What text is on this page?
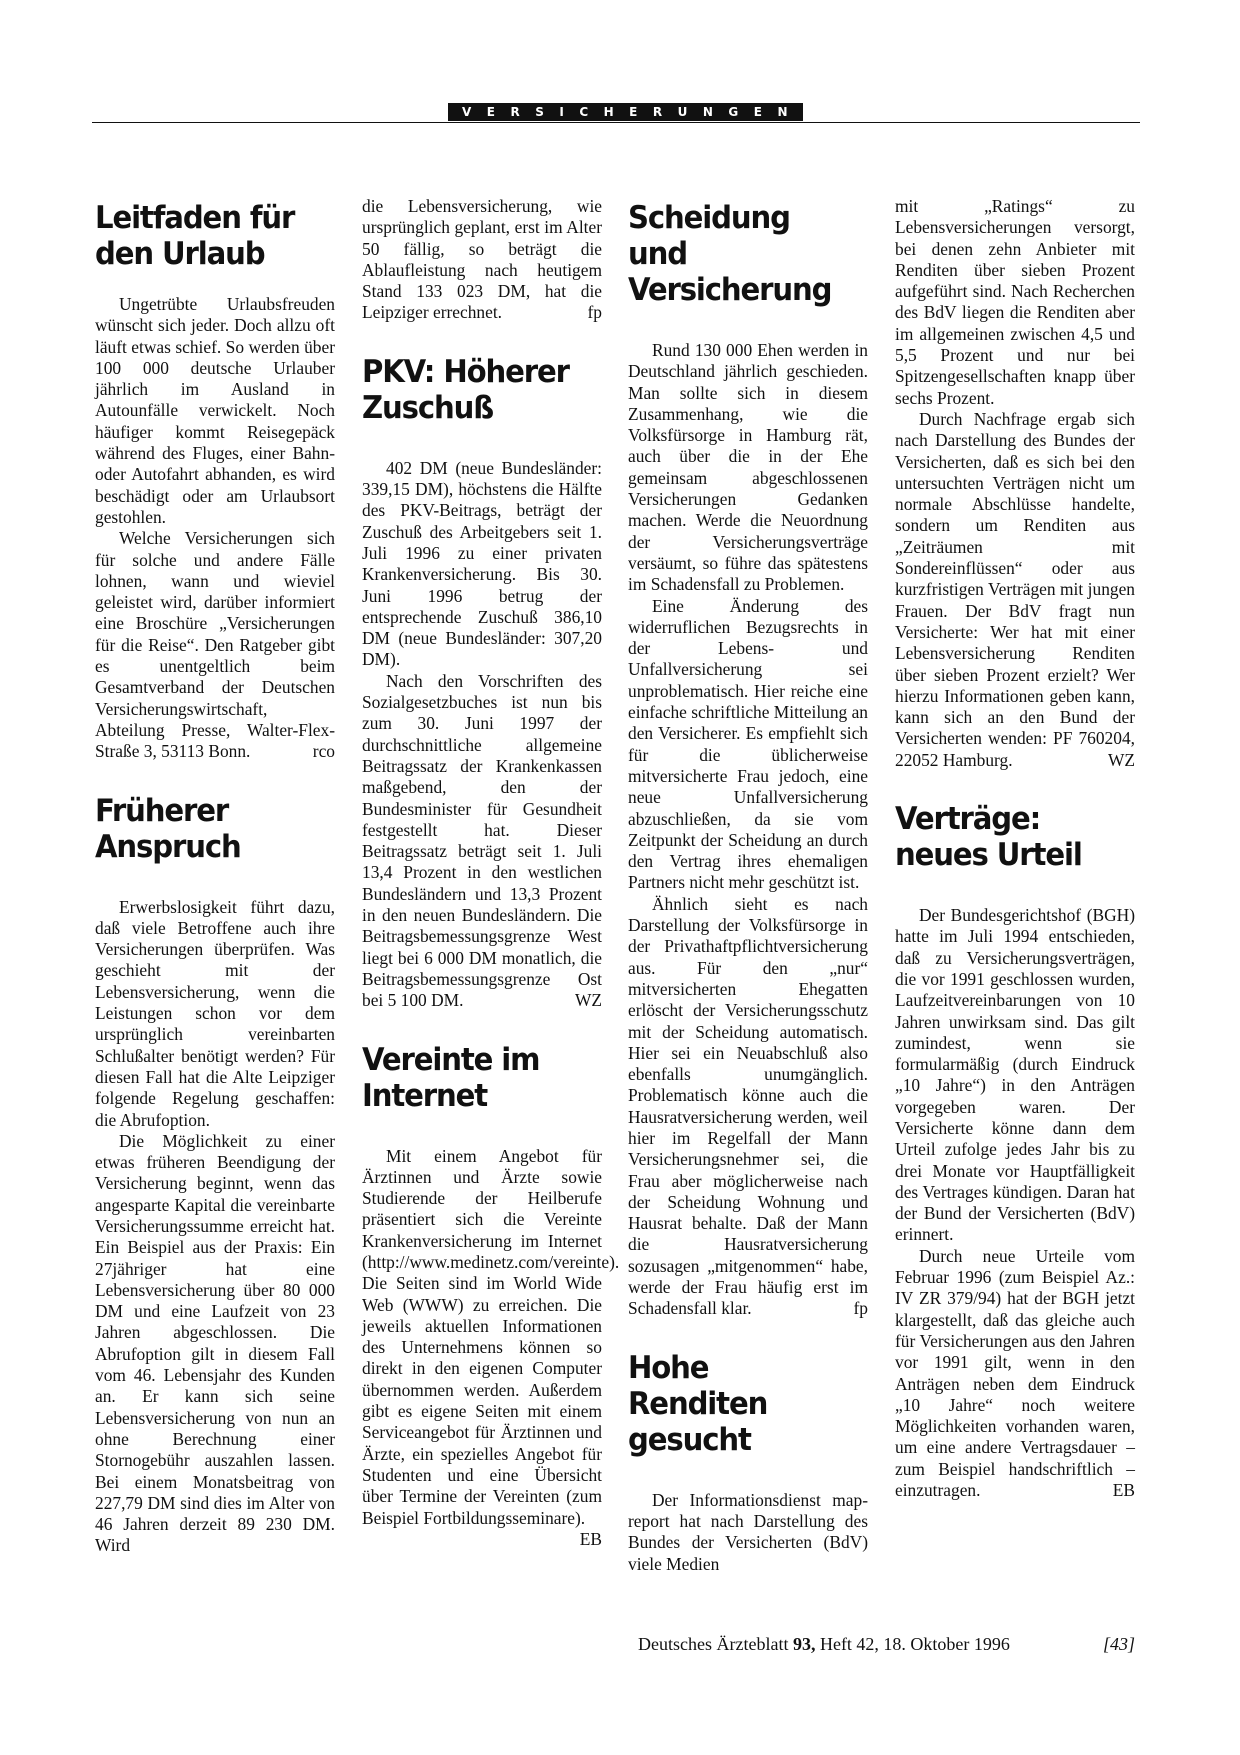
VERSICHERUNGEN
Leitfaden für den Urlaub

Ungetrübte Urlaubsfreuden wünscht sich jeder. Doch allzu oft läuft etwas schief. So werden über 100 000 deutsche Urlauber jährlich im Ausland in Autounfälle verwickelt. Noch häufiger kommt Reisegepäck während des Fluges, einer Bahn- oder Autofahrt abhanden, es wird beschädigt oder am Urlaubsort gestohlen.

Welche Versicherungen sich für solche und andere Fälle lohnen, wann und wieviel geleistet wird, darüber informiert eine Broschüre „Versicherungen für die Reise“. Den Ratgeber gibt es unentgeltlich beim Gesamtverband der Deutschen Versicherungswirtschaft, Abteilung Presse, Walter-Flex-Straße 3, 53113 Bonn.	rco

Früherer Anspruch

Erwerbslosigkeit führt dazu, daß viele Betroffene auch ihre Versicherungen überprüfen. Was geschieht mit der Lebensversicherung, wenn die Leistungen schon vor dem ursprünglich vereinbarten Schlußalter benötigt werden? Für diesen Fall hat die Alte Leipziger folgende Regelung geschaffen: die Abrufoption.

Die Möglichkeit zu einer etwas früheren Beendigung der Versicherung beginnt, wenn das angesparte Kapital die vereinbarte Versicherungssumme erreicht hat. Ein Beispiel aus der Praxis: Ein 27jähriger hat eine Lebensversicherung über 80 000 DM und eine Laufzeit von 23 Jahren abgeschlossen. Die Abrufoption gilt in diesem Fall vom 46. Lebensjahr des Kunden an. Er kann sich seine Lebensversicherung von nun an ohne Berechnung einer Stornogebühr auszahlen lassen. Bei einem Monatsbeitrag von 227,79 DM sind dies im Alter von 46 Jahren derzeit 89 230 DM. Wird

die Lebensversicherung, wie ursprünglich geplant, erst im Alter 50 fällig, so beträgt die Ablaufleistung nach heutigem Stand 133 023 DM, hat die Leipziger errechnet.	fp

PKV: Höherer Zuschuß

402 DM (neue Bundesländer: 339,15 DM), höchstens die Hälfte des PKV-Beitrags, beträgt der Zuschuß des Arbeitgebers seit 1. Juli 1996 zu einer privaten Krankenversicherung. Bis 30. Juni 1996 betrug der entsprechende Zuschuß 386,10 DM (neue Bundesländer: 307,20 DM).

Nach den Vorschriften des Sozialgesetzbuches ist nun bis zum 30. Juni 1997 der durchschnittliche allgemeine Beitragssatz der Krankenkassen maßgebend, den der Bundesminister für Gesundheit festgestellt hat. Dieser Beitragssatz beträgt seit 1. Juli 13,4 Prozent in den westlichen Bundesländern und 13,3 Prozent in den neuen Bundesländern. Die Beitragsbemessungsgrenze West liegt bei 6 000 DM monatlich, die Beitragsbemessungsgrenze Ost bei 5 100 DM.	WZ

Vereinte im Internet

Mit einem Angebot für Ärztinnen und Ärzte sowie Studierende der Heilberufe präsentiert sich die Vereinte Krankenversicherung im Internet (http://www.medinetz.com/vereinte). Die Seiten sind im World Wide Web (WWW) zu erreichen. Die jeweils aktuellen Informationen des Unternehmens können so direkt in den eigenen Computer übernommen werden. Außerdem gibt es eigene Seiten mit einem Serviceangebot für Ärztinnen und Ärzte, ein spezielles Angebot für Studenten und eine Übersicht über Termine der Vereinten (zum Beispiel Fortbildungsseminare).
EB

Scheidung und Versicherung

Rund 130 000 Ehen werden in Deutschland jährlich geschieden. Man sollte sich in diesem Zusammenhang, wie die Volksfürsorge in Hamburg rät, auch über die in der Ehe gemeinsam abgeschlossenen Versicherungen Gedanken machen. Werde die Neuordnung der Versicherungsverträge versäumt, so führe das spätestens im Schadensfall zu Problemen.

Eine Änderung des widerruflichen Bezugsrechts in der Lebens- und Unfallversicherung sei unproblematisch. Hier reiche eine einfache schriftliche Mitteilung an den Versicherer. Es empfiehlt sich für die üblicherweise mitversicherte Frau jedoch, eine neue Unfallversicherung abzuschließen, da sie vom Zeitpunkt der Scheidung an durch den Vertrag ihres ehemaligen Partners nicht mehr geschützt ist.

Ähnlich sieht es nach Darstellung der Volksfürsorge in der Privathaftpflichtversicherung aus. Für den „nur“ mitversicherten Ehegatten erlöscht der Versicherungsschutz mit der Scheidung automatisch. Hier sei ein Neuabschluß also ebenfalls unumgänglich. Problematisch könne auch die Hausratversicherung werden, weil hier im Regelfall der Mann Versicherungsnehmer sei, die Frau aber möglicherweise nach der Scheidung Wohnung und Hausrat behalte. Daß der Mann die Hausratversicherung sozusagen „mitgenommen“ habe, werde der Frau häufig erst im Schadensfall klar.	fp

Hohe Renditen gesucht

Der Informationsdienst map-report hat nach Darstellung des Bundes der Versicherten (BdV) viele Medien

mit „Ratings“ zu Lebensversicherungen versorgt, bei denen zehn Anbieter mit Renditen über sieben Prozent aufgeführt sind. Nach Recherchen des BdV liegen die Renditen aber im allgemeinen zwischen 4,5 und 5,5 Prozent und nur bei Spitzengesellschaften knapp über sechs Prozent.

Durch Nachfrage ergab sich nach Darstellung des Bundes der Versicherten, daß es sich bei den untersuchten Verträgen nicht um normale Abschlüsse handelte, sondern um Renditen aus „Zeiträumen mit Sondereinflüssen“ oder aus kurzfristigen Verträgen mit jungen Frauen. Der BdV fragt nun Versicherte: Wer hat mit einer Lebensversicherung Renditen über sieben Prozent erzielt? Wer hierzu Informationen geben kann, kann sich an den Bund der Versicherten wenden: PF 760204, 22052 Hamburg.	WZ

Verträge: neues Urteil

Der Bundesgerichtshof (BGH) hatte im Juli 1994 entschieden, daß zu Versicherungsverträgen, die vor 1991 geschlossen wurden, Laufzeitvereinbarungen von 10 Jahren unwirksam sind. Das gilt zumindest, wenn sie formularmäßig (durch Eindruck „10 Jahre“) in den Anträgen vorgegeben waren. Der Versicherte könne dann dem Urteil zufolge jedes Jahr bis zu drei Monate vor Hauptfälligkeit des Vertrages kündigen. Daran hat der Bund der Versicherten (BdV) erinnert.

Durch neue Urteile vom Februar 1996 (zum Beispiel Az.: IV ZR 379/94) hat der BGH jetzt klargestellt, daß das gleiche auch für Versicherungen aus den Jahren vor 1991 gilt, wenn in den Anträgen neben dem Eindruck „10 Jahre“ noch weitere Möglichkeiten vorhanden waren, um eine andere Vertragsdauer – zum Beispiel handschriftlich – einzutragen.	EB

Deutsches Ärzteblatt 93, Heft 42, 18. Oktober 1996	[43]
